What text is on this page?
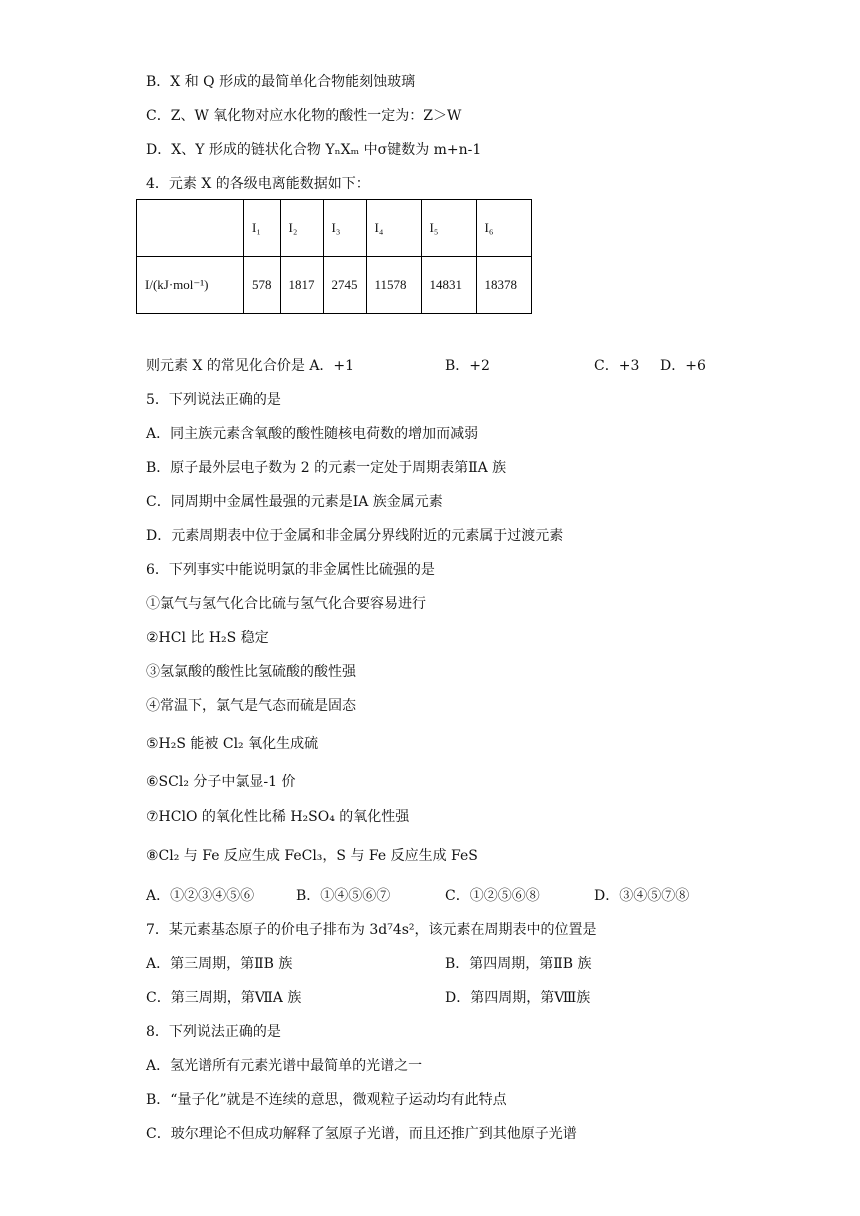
B．X 和 Q 形成的最简单化合物能刻蚀玻璃
C．Z、W 氧化物对应水化物的酸性一定为：Z＞W
D．X、Y 形成的链状化合物 YₙXₘ 中σ键数为 m+n-1
4．元素 X 的各级电离能数据如下：
	I₁	I₂	I₃	I₄	I₅	I₆
I/(kJ·mol⁻¹)	578	1817	2745	11578	14831	18378
则元素 X 的常见化合价是 A．+1	B．+2	C．+3 D．+6
5．下列说法正确的是
A．同主族元素含氧酸的酸性随核电荷数的增加而减弱
B．原子最外层电子数为 2 的元素一定处于周期表第ⅡA 族
C．同周期中金属性最强的元素是ⅠA 族金属元素
D．元素周期表中位于金属和非金属分界线附近的元素属于过渡元素
6．下列事实中能说明氯的非金属性比硫强的是
①氯气与氢气化合比硫与氢气化合要容易进行
②HCl 比 H₂S 稳定
③氢氯酸的酸性比氢硫酸的酸性强
④常温下，氯气是气态而硫是固态
⑤H₂S 能被 Cl₂ 氧化生成硫
⑥SCl₂ 分子中氯显-1 价
⑦HClO 的氧化性比稀 H₂SO₄ 的氧化性强
⑧Cl₂ 与 Fe 反应生成 FeCl₃，S 与 Fe 反应生成 FeS
A．①②③④⑤⑥	B．①④⑤⑥⑦	C．①②⑤⑥⑧	D．③④⑤⑦⑧
7．某元素基态原子的价电子排布为 3d⁷4s²，该元素在周期表中的位置是
A．第三周期，第ⅡB 族	B．第四周期，第ⅡB 族
C．第三周期，第ⅦA 族	D．第四周期，第Ⅷ族
8．下列说法正确的是
A．氢光谱所有元素光谱中最简单的光谱之一
B．“量子化”就是不连续的意思，微观粒子运动均有此特点
C．玻尔理论不但成功解释了氢原子光谱，而且还推广到其他原子光谱
